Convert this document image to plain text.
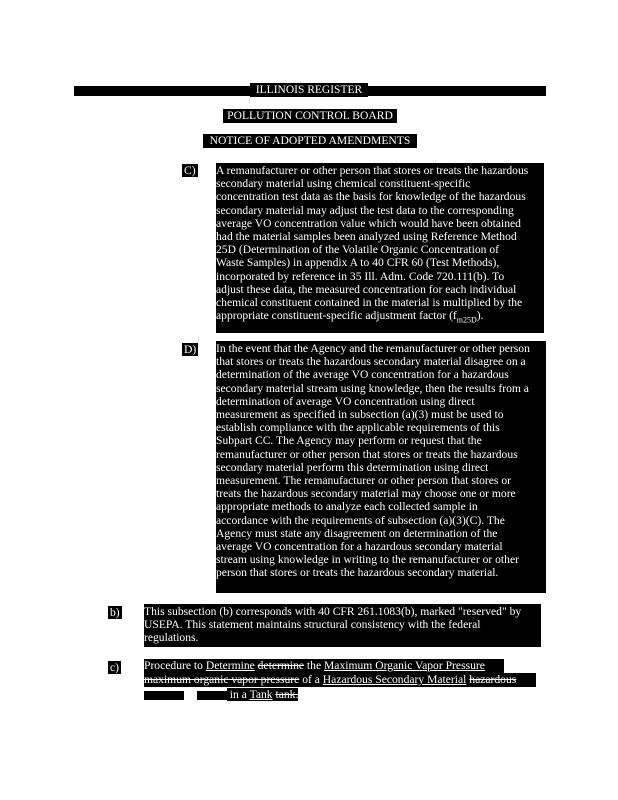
ILLINOIS REGISTER
POLLUTION CONTROL BOARD
NOTICE OF ADOPTED AMENDMENTS
C) A remanufacturer or other person that stores or treats the hazardous
secondary material using chemical constituent-specific
concentration test data as the basis for knowledge of the hazardous
secondary material may adjust the test data to the corresponding
average VO concentration value which would have been obtained
had the material samples been analyzed using Reference Method
25D (Determination of the Volatile Organic Concentration of
Waste Samples) in appendix A to 40 CFR 60 (Test Methods),
incorporated by reference in 35 Ill. Adm. Code 720.111(b). To
adjust these data, the measured concentration for each individual
chemical constituent contained in the material is multiplied by the
appropriate constituent-specific adjustment factor $(f_{m25D})$.
D) In the event that the Agency and the remanufacturer or other person
that stores or treats the hazardous secondary material disagree on a
determination of the average VO concentration for a hazardous
secondary material stream using knowledge, then the results from a
determination of average VO concentration using direct
measurement as specified in subsection (a)(3) must be used to
establish compliance with the applicable requirements of this
Subpart CC. The Agency may perform or request that the
remanufacturer or other person that stores or treats the hazardous
secondary material perform this determination using direct
measurement. The remanufacturer or other person that stores or
treats the hazardous secondary material may choose one or more
appropriate methods to analyze each collected sample in
accordance with the requirements of subsection (a)(3)(C). The
Agency must state any disagreement on determination of the
average VO concentration for a hazardous secondary material
stream using knowledge in writing to the remanufacturer or other
person that stores or treats the hazardous secondary material.
b) This subsection (b) corresponds with 40 CFR 261.1083(b), marked "reserved" by
USEPA. This statement maintains structural consistency with the federal
regulations.
c) Procedure to Determine determine the Maximum Organic Vapor Pressure
maximum organic vapor pressure of a Hazardous Secondary Material hazardous
in a Tank tank.
